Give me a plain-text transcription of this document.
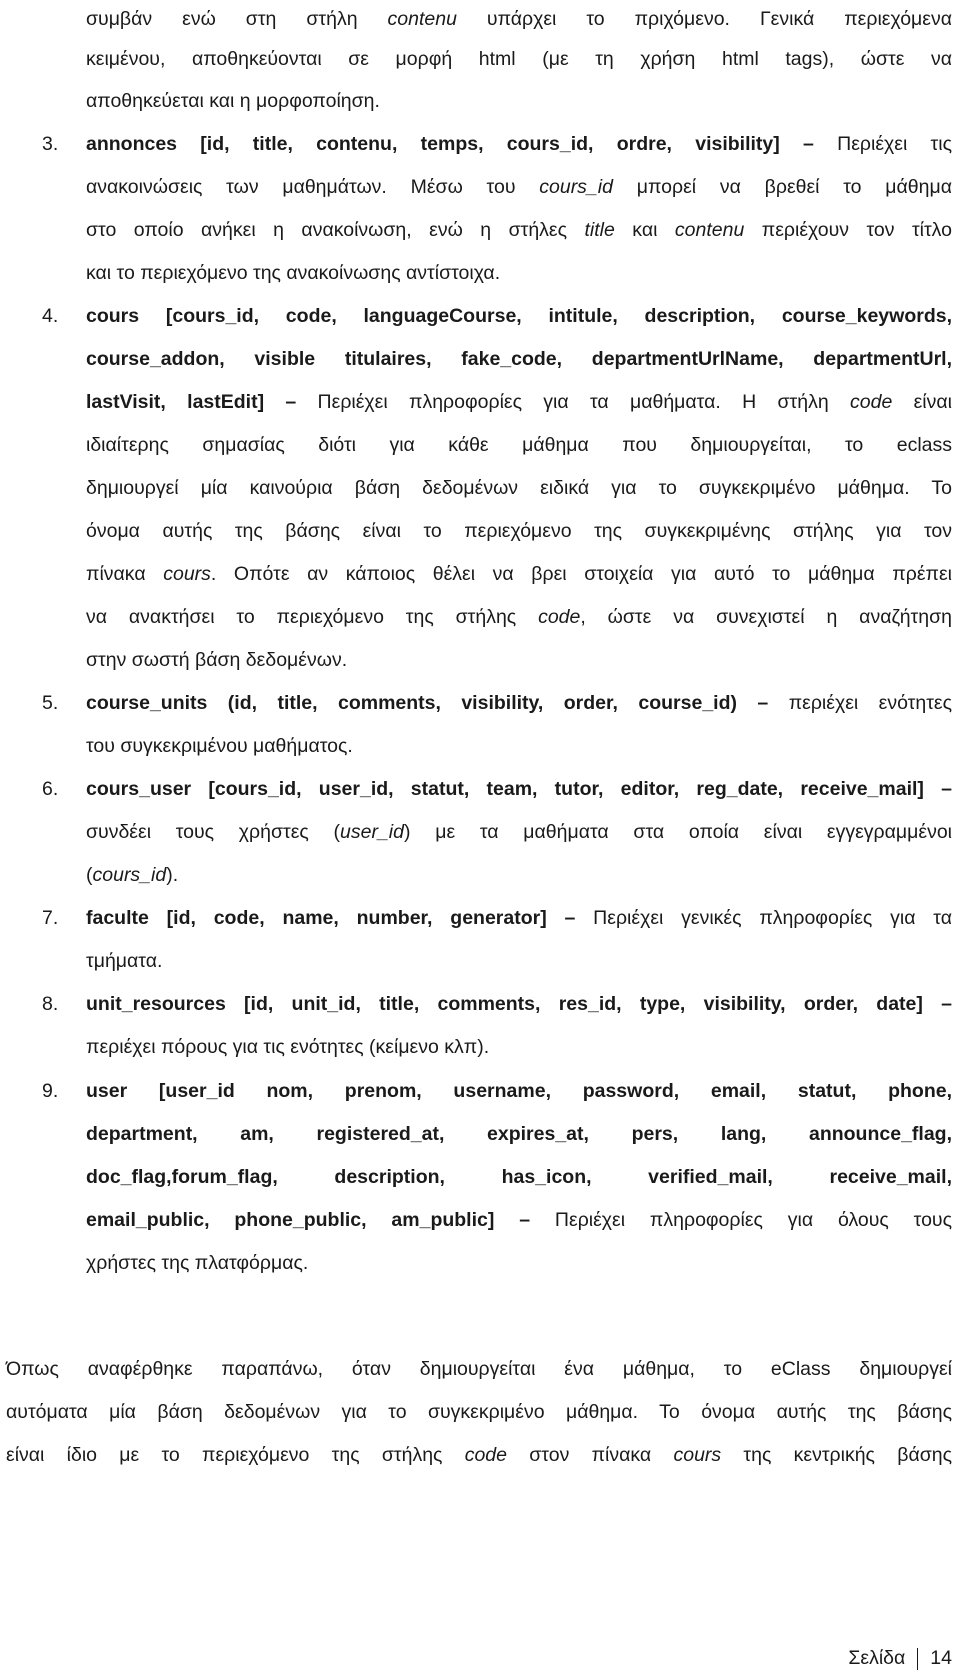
συμβάν ενώ στη στήλη contenu υπάρχει το πριχόμενο. Γενικά περιεχόμενα
κειμένου, αποθηκεύονται σε μορφή html (με τη χρήση html tags), ώστε να
αποθηκεύεται και η μορφοποίηση.
3. annonces [id, title, contenu, temps, cours_id, ordre, visibility] – Περιέχει τις
ανακοινώσεις των μαθημάτων. Μέσω του cours_id μπορεί να βρεθεί το μάθημα
στο οποίο ανήκει η ανακοίνωση, ενώ η στήλες title και contenu περιέχουν τον τίτλο
και το περιεχόμενο της ανακοίνωσης αντίστοιχα.
4. cours [cours_id, code, languageCourse, intitule, description, course_keywords,
course_addon, visible titulaires, fake_code, departmentUrlName, departmentUrl,
lastVisit, lastEdit] – Περιέχει πληροφορίες για τα μαθήματα. Η στήλη code είναι
ιδιαίτερης σημασίας διότι για κάθε μάθημα που δημιουργείται, το eclass
δημιουργεί μία καινούρια βάση δεδομένων ειδικά για το συγκεκριμένο μάθημα. Το
όνομα αυτής της βάσης είναι το περιεχόμενο της συγκεκριμένης στήλης για τον
πίνακα cours. Οπότε αν κάποιος θέλει να βρει στοιχεία για αυτό το μάθημα πρέπει
να ανακτήσει το περιεχόμενο της στήλης code, ώστε να συνεχιστεί η αναζήτηση
στην σωστή βάση δεδομένων.
5. course_units (id, title, comments, visibility, order, course_id) – περιέχει ενότητες
του συγκεκριμένου μαθήματος.
6. cours_user [cours_id, user_id, statut, team, tutor, editor, reg_date, receive_mail] –
συνδέει τους χρήστες (user_id) με τα μαθήματα στα οποία είναι εγγεγραμμένοι
(cours_id).
7. faculte [id, code, name, number, generator] – Περιέχει γενικές πληροφορίες για τα
τμήματα.
8. unit_resources [id, unit_id, title, comments, res_id, type, visibility, order, date] –
περιέχει πόρους για τις ενότητες (κείμενο κλπ).
9. user [user_id nom, prenom, username, password, email, statut, phone,
department, am, registered_at, expires_at, pers, lang, announce_flag,
doc_flag,forum_flag, description, has_icon, verified_mail, receive_mail,
email_public, phone_public, am_public] – Περιέχει πληροφορίες για όλους τους
χρήστες της πλατφόρμας.
Όπως αναφέρθηκε παραπάνω, όταν δημιουργείται ένα μάθημα, το eClass δημιουργεί
αυτόματα μία βάση δεδομένων για το συγκεκριμένο μάθημα. Το όνομα αυτής της βάσης
είναι ίδιο με το περιεχόμενο της στήλης code στον πίνακα cours της κεντρικής βάσης
Σελίδα 14
